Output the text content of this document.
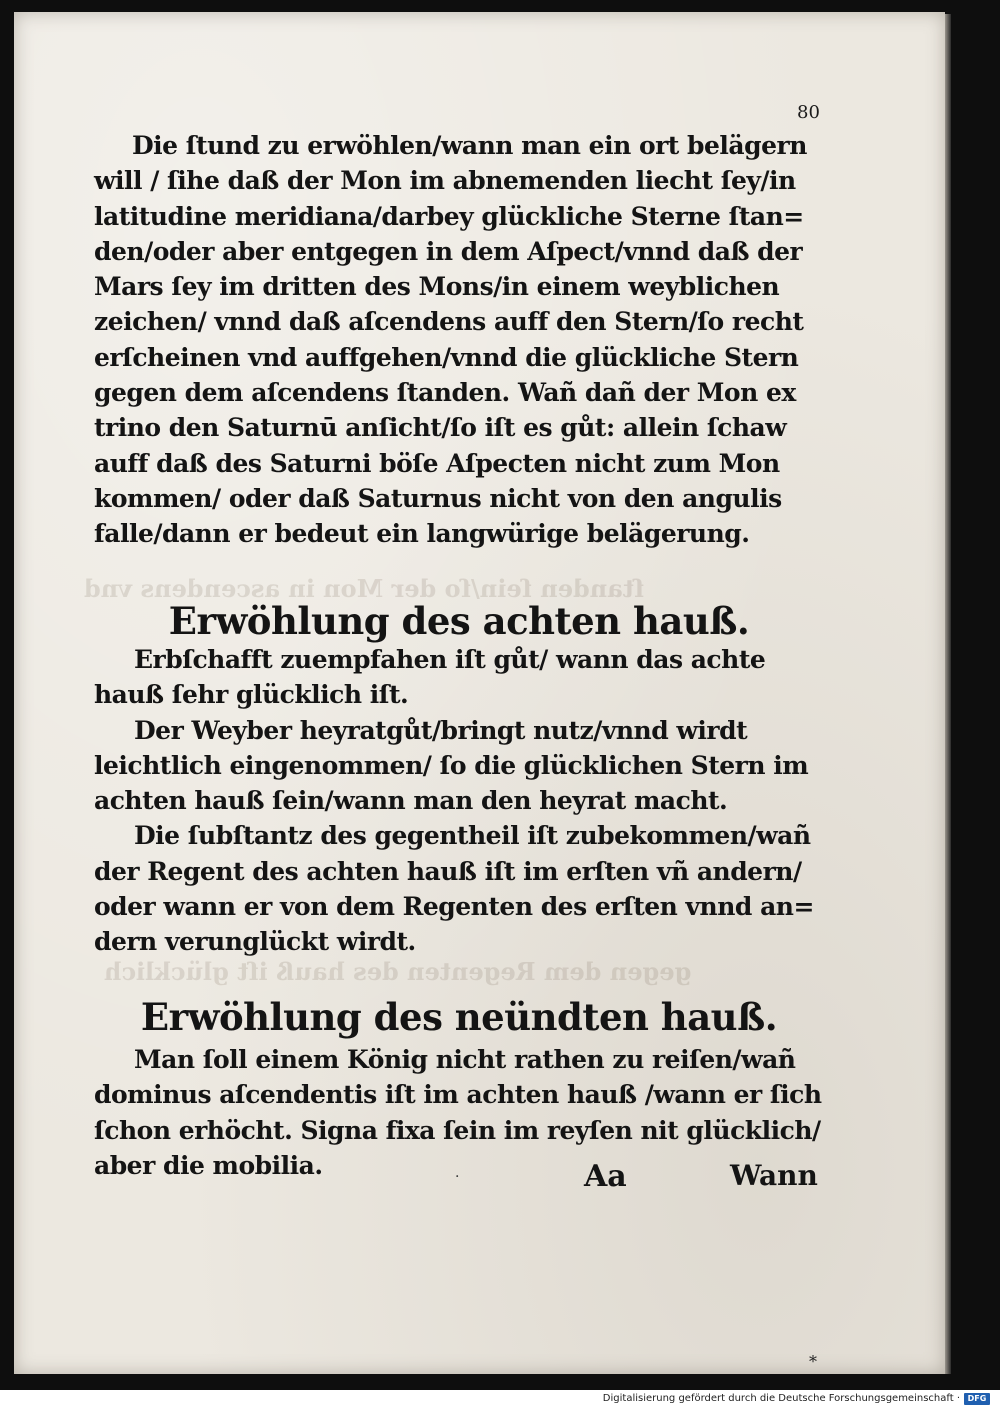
80
ſtanden ſein/ſo der Mon in ascendens vnd
gegen dem Regenten des hauß iſt glücklich
Die ſtund zu erwöhlen/wann man ein ort belägern
will / ſihe daß der Mon im abnemenden liecht ſey/in
latitudine meridiana/darbey glückliche Sterne ſtan=
den/oder aber entgegen in dem Aſpect/vnnd daß der
Mars ſey im dritten des Mons/in einem weyblichen
zeichen/ vnnd daß aſcendens auff den Stern/ſo recht
erſcheinen vnd auffgehen/vnnd die glückliche Stern
gegen dem aſcendens ſtanden. Wañ dañ der Mon ex
trino den Saturnū anſicht/ſo iſt es gůt: allein ſchaw
auff daß des Saturni böſe Aſpecten nicht zum Mon
kommen/ oder daß Saturnus nicht von den angulis
falle/dann er bedeut ein langwürige belägerung.
Erwöhlung des achten hauß.
Erbſchafft zuempfahen iſt gůt/ wann das achte
hauß ſehr glücklich iſt.
Der Weyber heyratgůt/bringt nutz/vnnd wirdt
leichtlich eingenommen/ ſo die glücklichen Stern im
achten hauß ſein/wann man den heyrat macht.
Die ſubſtantz des gegentheil iſt zubekommen/wañ
der Regent des achten hauß iſt im erſten vñ andern/
oder wann er von dem Regenten des erſten vnnd an=
dern verunglückt wirdt.
Erwöhlung des neündten hauß.
Man ſoll einem König nicht rathen zu reiſen/wañ
dominus aſcendentis iſt im achten hauß /wann er ſich
ſchon erhöcht. Signa fixa ſein im reyſen nit glücklich/
aber die mobilia.	·	Aa	Wann
*
Digitalisierung gefördert durch die Deutsche Forschungsgemeinschaft · DFG
